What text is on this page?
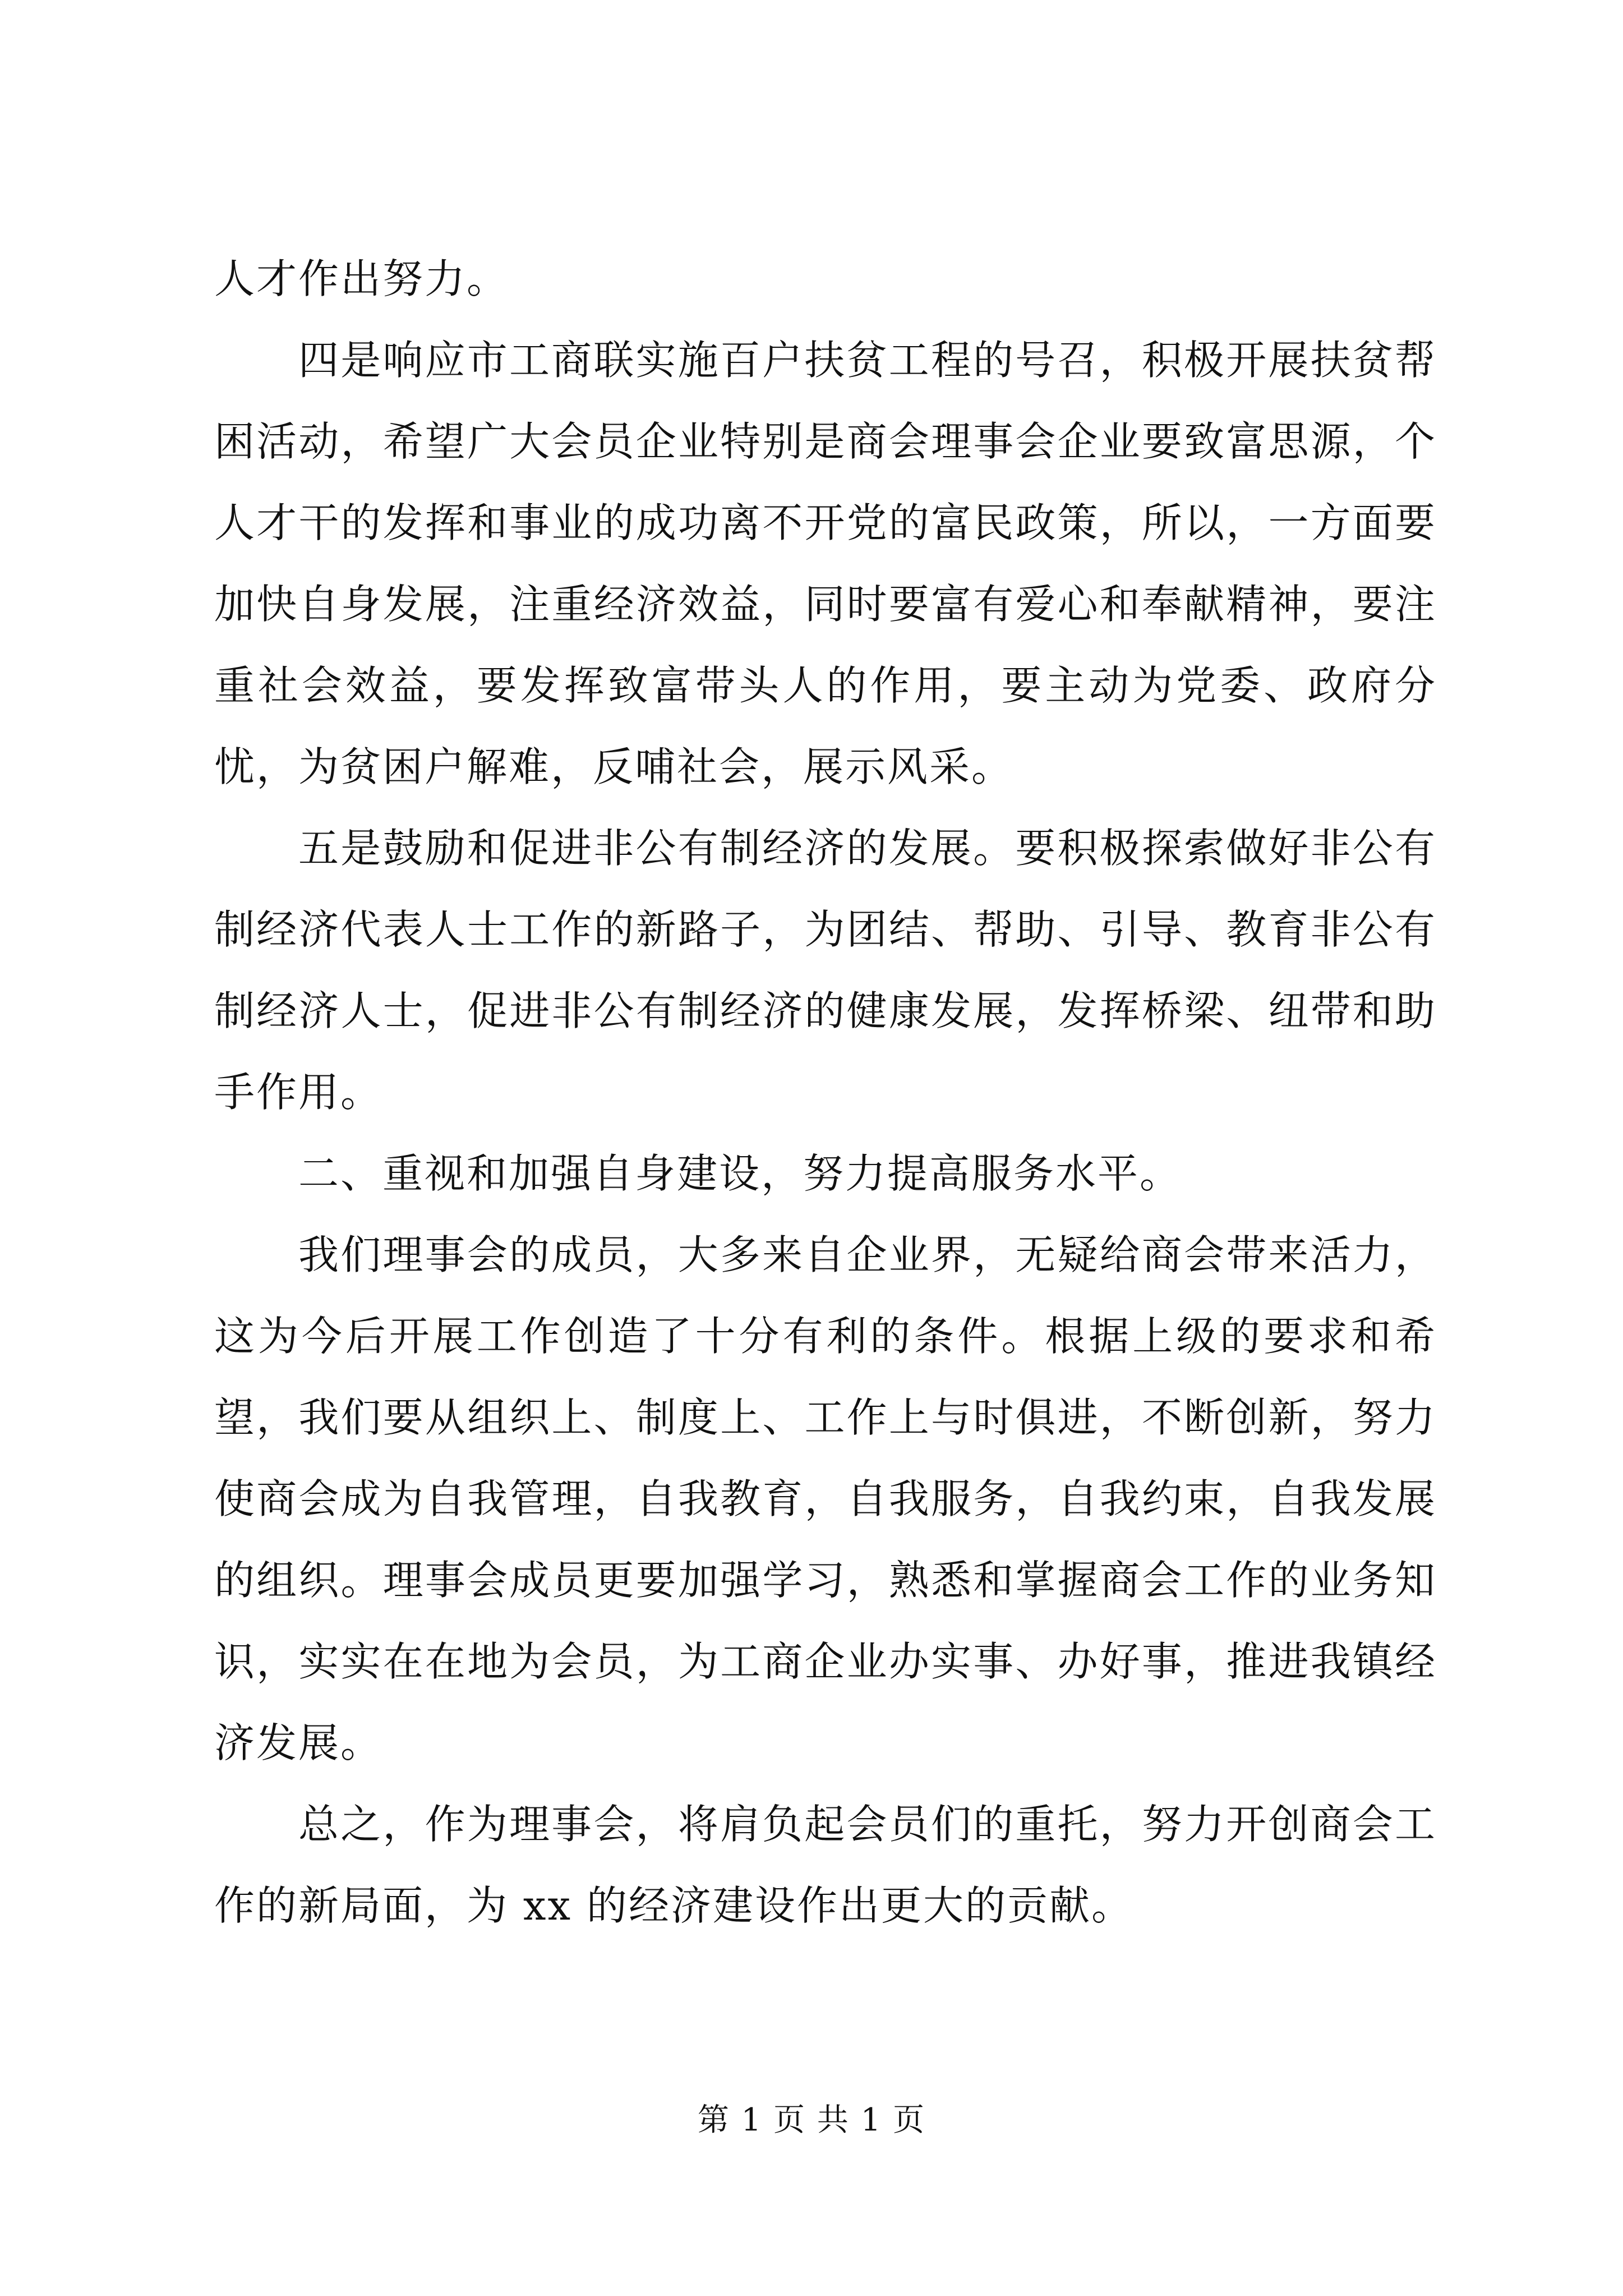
人才作出努力。

四是响应市工商联实施百户扶贫工程的号召，积极开展扶贫帮困活动，希望广大会员企业特别是商会理事会企业要致富思源，个人才干的发挥和事业的成功离不开党的富民政策，所以，一方面要加快自身发展，注重经济效益，同时要富有爱心和奉献精神，要注重社会效益，要发挥致富带头人的作用，要主动为党委、政府分忧，为贫困户解难，反哺社会，展示风采。

五是鼓励和促进非公有制经济的发展。要积极探索做好非公有制经济代表人士工作的新路子，为团结、帮助、引导、教育非公有制经济人士，促进非公有制经济的健康发展，发挥桥梁、纽带和助手作用。

二、重视和加强自身建设，努力提高服务水平。

我们理事会的成员，大多来自企业界，无疑给商会带来活力，这为今后开展工作创造了十分有利的条件。根据上级的要求和希望，我们要从组织上、制度上、工作上与时俱进，不断创新，努力使商会成为自我管理，自我教育，自我服务，自我约束，自我发展的组织。理事会成员更要加强学习，熟悉和掌握商会工作的业务知识，实实在在地为会员，为工商企业办实事、办好事，推进我镇经济发展。

总之，作为理事会，将肩负起会员们的重托，努力开创商会工作的新局面，为 xx 的经济建设作出更大的贡献。

第 1 页 共 1 页
